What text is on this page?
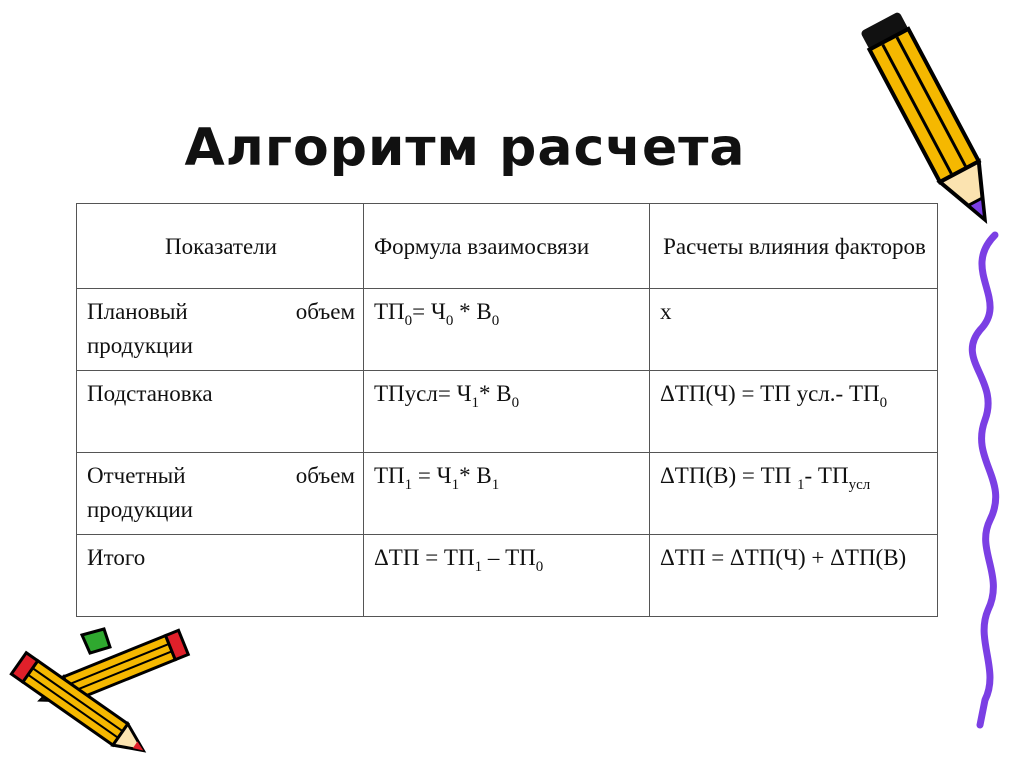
Алгоритм расчета
Показатели	Формула взаимосвязи	Расчеты влияния факторов
Плановый объем продукции	$ТП_0= Ч_0 * В_0$	х
Подстановка	ТПусл= $Ч_1*$ $В_0$	ΔТП(Ч) = ТП усл.- $ТП_0$
Отчетный объем продукции	$ТП_1 = Ч_1*$ $В_1$	ΔТП(В) = ТП $_1$- $ТП_{усл}$
Итого	$\Delta ТП = ТП_1 - ТП_0$	ΔТП = ΔТП(Ч) + ΔТП(В)
